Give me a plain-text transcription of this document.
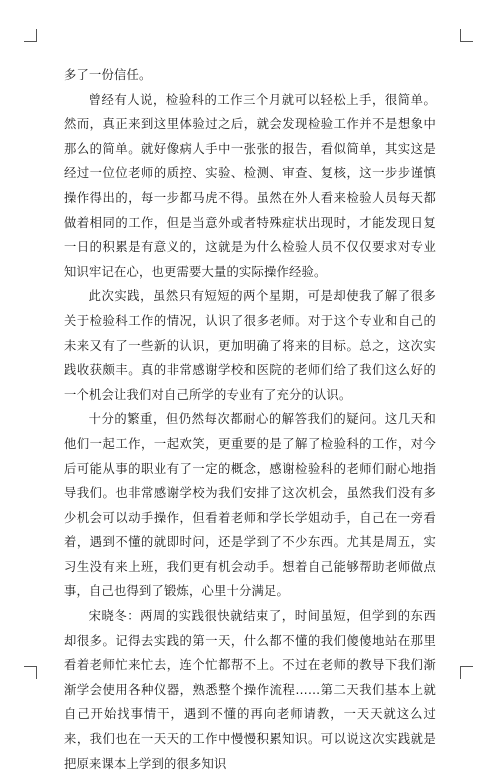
多了一份信任。

曾经有人说，检验科的工作三个月就可以轻松上手，很简单。然而，真正来到这里体验过之后，就会发现检验工作并不是想象中那么的简单。就好像病人手中一张张的报告，看似简单，其实这是经过一位位老师的质控、实验、检测、审查、复核，这一步步谨慎操作得出的，每一步都马虎不得。虽然在外人看来检验人员每天都做着相同的工作，但是当意外或者特殊症状出现时，才能发现日复一日的积累是有意义的，这就是为什么检验人员不仅仅要求对专业知识牢记在心，也更需要大量的实际操作经验。

此次实践，虽然只有短短的两个星期，可是却使我了解了很多关于检验科工作的情况，认识了很多老师。对于这个专业和自己的未来又有了一些新的认识，更加明确了将来的目标。总之，这次实践收获颇丰。真的非常感谢学校和医院的老师们给了我们这么好的一个机会让我们对自己所学的专业有了充分的认识。

十分的繁重，但仍然每次都耐心的解答我们的疑问。这几天和他们一起工作，一起欢笑，更重要的是了解了检验科的工作，对今后可能从事的职业有了一定的概念，感谢检验科的老师们耐心地指导我们。也非常感谢学校为我们安排了这次机会，虽然我们没有多少机会可以动手操作，但看着老师和学长学姐动手，自己在一旁看着，遇到不懂的就即时问，还是学到了不少东西。尤其是周五，实习生没有来上班，我们更有机会动手。想着自己能够帮助老师做点事，自己也得到了锻炼，心里十分满足。

宋晓冬：两周的实践很快就结束了，时间虽短，但学到的东西却很多。记得去实践的第一天，什么都不懂的我们傻傻地站在那里看着老师忙来忙去，连个忙都帮不上。不过在老师的教导下我们渐渐学会使用各种仪器，熟悉整个操作流程……第二天我们基本上就自己开始找事情干，遇到不懂的再向老师请教，一天天就这么过来，我们也在一天天的工作中慢慢积累知识。可以说这次实践就是把原来课本上学到的很多知识
